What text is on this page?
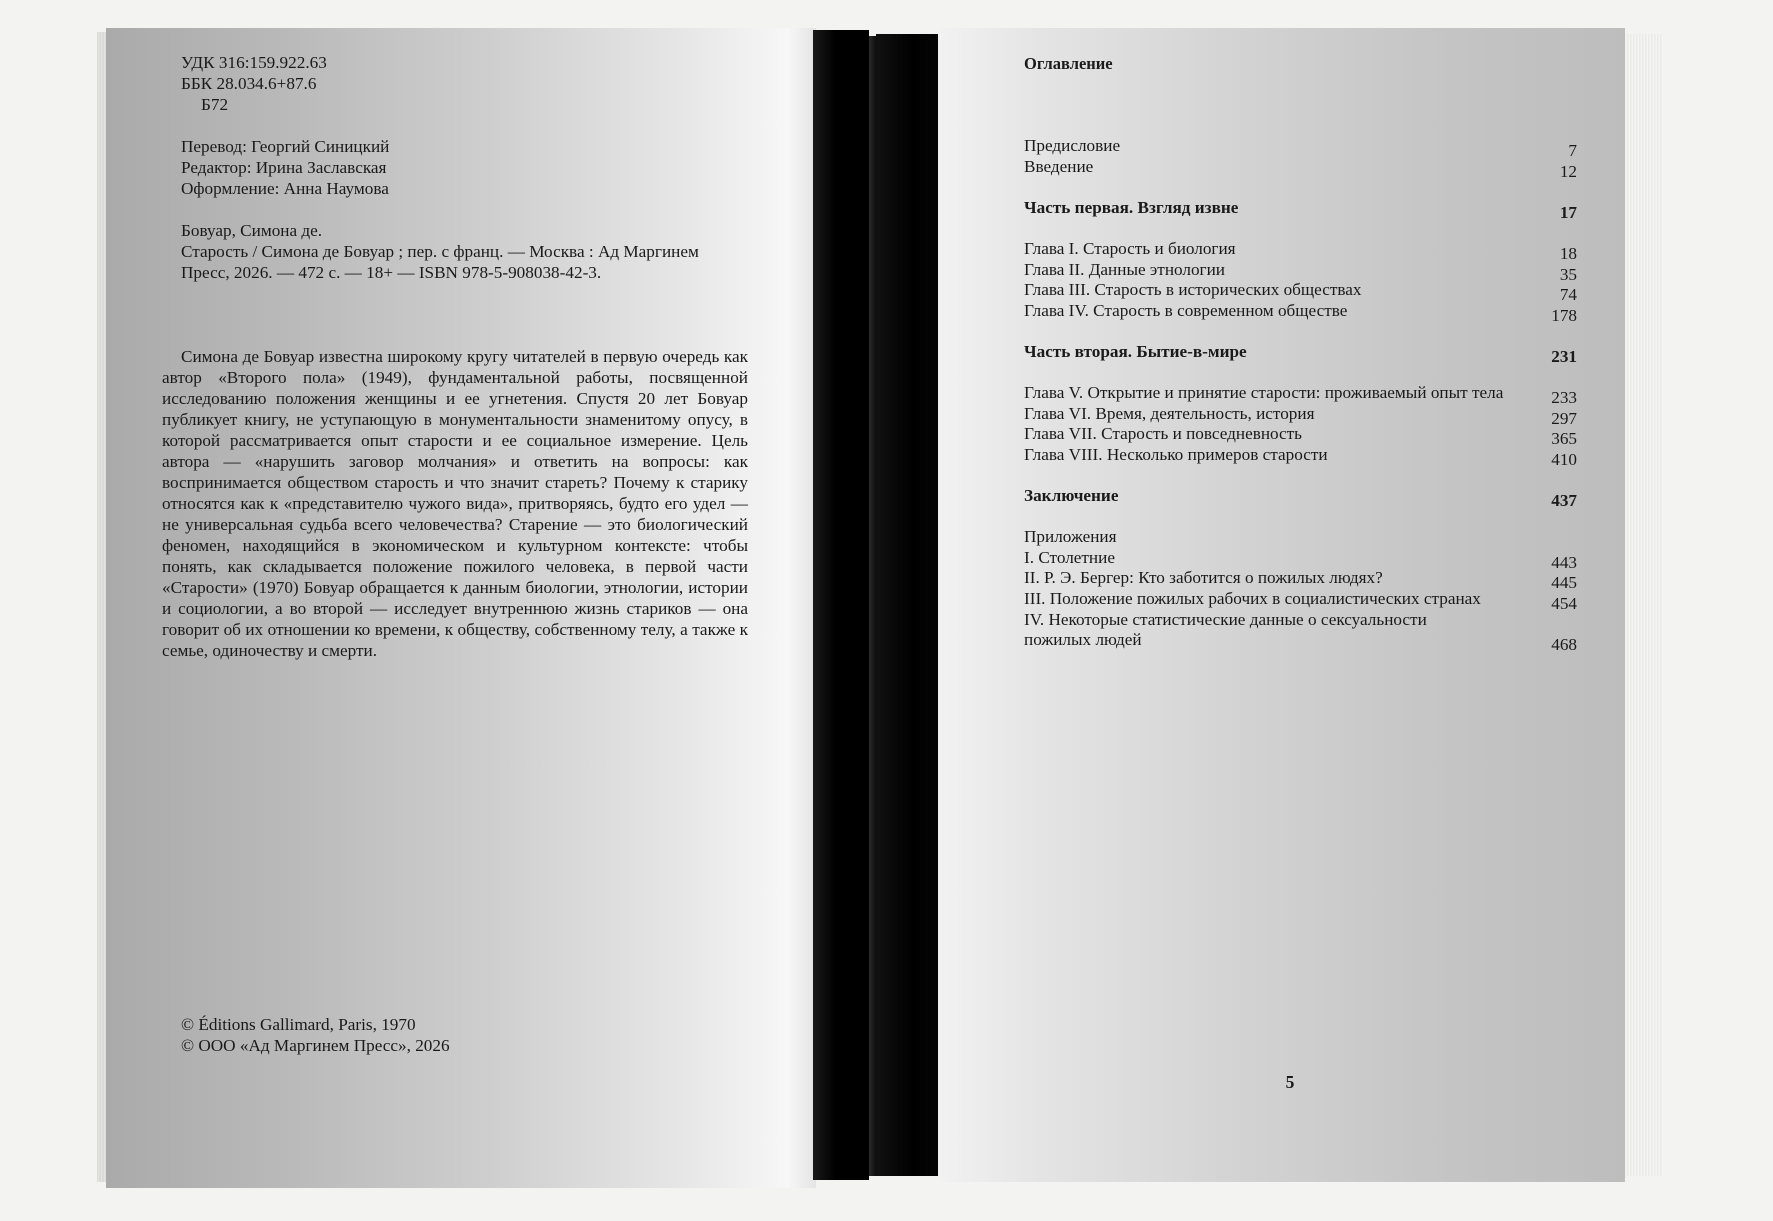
УДК 316:159.922.63
ББК 28.034.6+87.6
Б72
Перевод: Георгий Синицкий
Редактор: Ирина Заславская
Оформление: Анна Наумова
Бовуар, Симона де.
Старость / Симона де Бовуар ; пер. с франц. — Москва : Ад Маргинем Пресс, 2026. — 472 с. — 18+ — ISBN 978-5-908038-42-3.
Симона де Бовуар известна широкому кругу читателей в первую очередь как автор «Второго пола» (1949), фундаментальной работы, посвященной исследованию положения женщины и ее угнетения. Спустя 20 лет Бовуар публикует книгу, не уступающую в монументальности знаменитому опусу, в которой рассматривается опыт старости и ее социальное измерение. Цель автора — «нарушить заговор молчания» и ответить на вопросы: как воспринимается обществом старость и что значит стареть? Почему к старику относятся как к «представителю чужого вида», притворяясь, будто его удел — не универсальная судьба всего человечества? Старение — это биологический феномен, находящийся в экономическом и культурном контексте: чтобы понять, как складывается положение пожилого человека, в первой части «Старости» (1970) Бовуар обращается к данным биологии, этнологии, истории и социологии, а во второй — исследует внутреннюю жизнь стариков — она говорит об их отношении ко времени, к обществу, собственному телу, а также к семье, одиночеству и смерти.
© Éditions Gallimard, Paris, 1970
© ООО «Ад Маргинем Пресс», 2026
Оглавление
Предисловие	7
Введение	12
Часть первая. Взгляд извне	17
Глава I. Старость и биология	18
Глава II. Данные этнологии	35
Глава III. Старость в исторических обществах	74
Глава IV. Старость в современном обществе	178
Часть вторая. Бытие-в-мире	231
Глава V. Открытие и принятие старости: проживаемый опыт тела	233
Глава VI. Время, деятельность, история	297
Глава VII. Старость и повседневность	365
Глава VIII. Несколько примеров старости	410
Заключение	437
Приложения
I. Столетние	443
II. Р. Э. Бергер: Кто заботится о пожилых людях?	445
III. Положение пожилых рабочих в социалистических странах	454
IV. Некоторые статистические данные о сексуальности
пожилых людей	468
5
